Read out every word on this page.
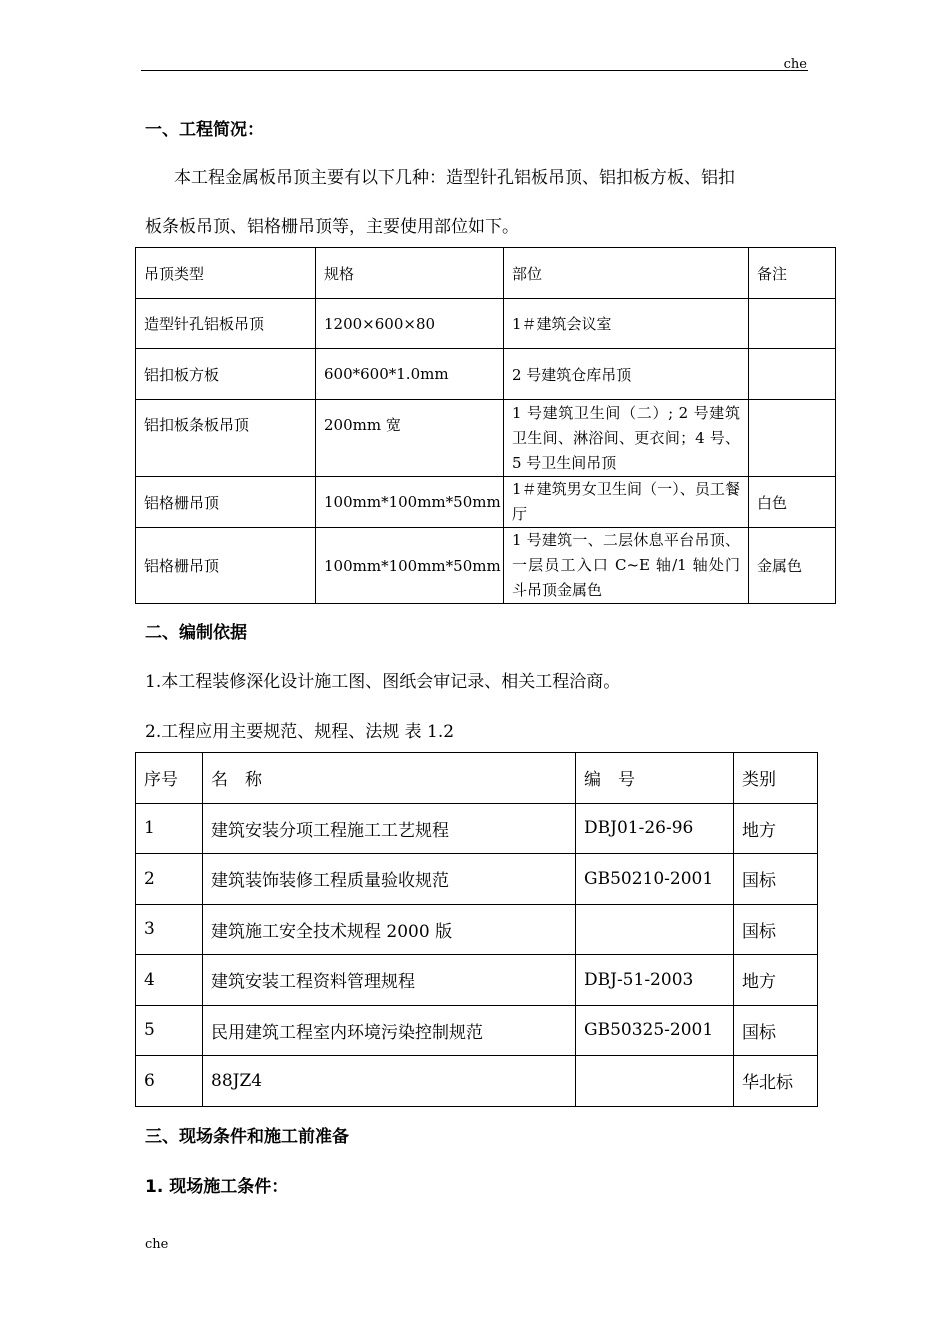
che
一、工程简况：
本工程金属板吊顶主要有以下几种：造型针孔铝板吊顶、铝扣板方板、铝扣
板条板吊顶、铝格栅吊顶等，主要使用部位如下。
吊顶类型	规格	部位	备注
造型针孔铝板吊顶	1200×600×80	1＃建筑会议室	
铝扣板方板	600*600*1.0mm	2 号建筑仓库吊顶	
铝扣板条板吊顶	200mm 宽	1 号建筑卫生间（二）; 2 号建筑卫生间、淋浴间、更衣间；4 号、5 号卫生间吊顶	
铝格栅吊顶	100mm*100mm*50mm	1＃建筑男女卫生间（一）、员工餐厅	白色
铝格栅吊顶	100mm*100mm*50mm	1 号建筑一、二层休息平台吊顶、一层员工入口 C~E 轴/1 轴处门斗吊顶金属色	金属色
二、编制依据
1.本工程装修深化设计施工图、图纸会审记录、相关工程洽商。
2.工程应用主要规范、规程、法规 表 1.2
序号	名　称	编　号	类别
1	建筑安装分项工程施工工艺规程	DBJ01-26-96	地方
2	建筑装饰装修工程质量验收规范	GB50210-2001	国标
3	建筑施工安全技术规程 2000 版		国标
4	建筑安装工程资料管理规程	DBJ-51-2003	地方
5	民用建筑工程室内环境污染控制规范	GB50325-2001	国标
6	88JZ4		华北标
三、现场条件和施工前准备
1. 现场施工条件：
che
